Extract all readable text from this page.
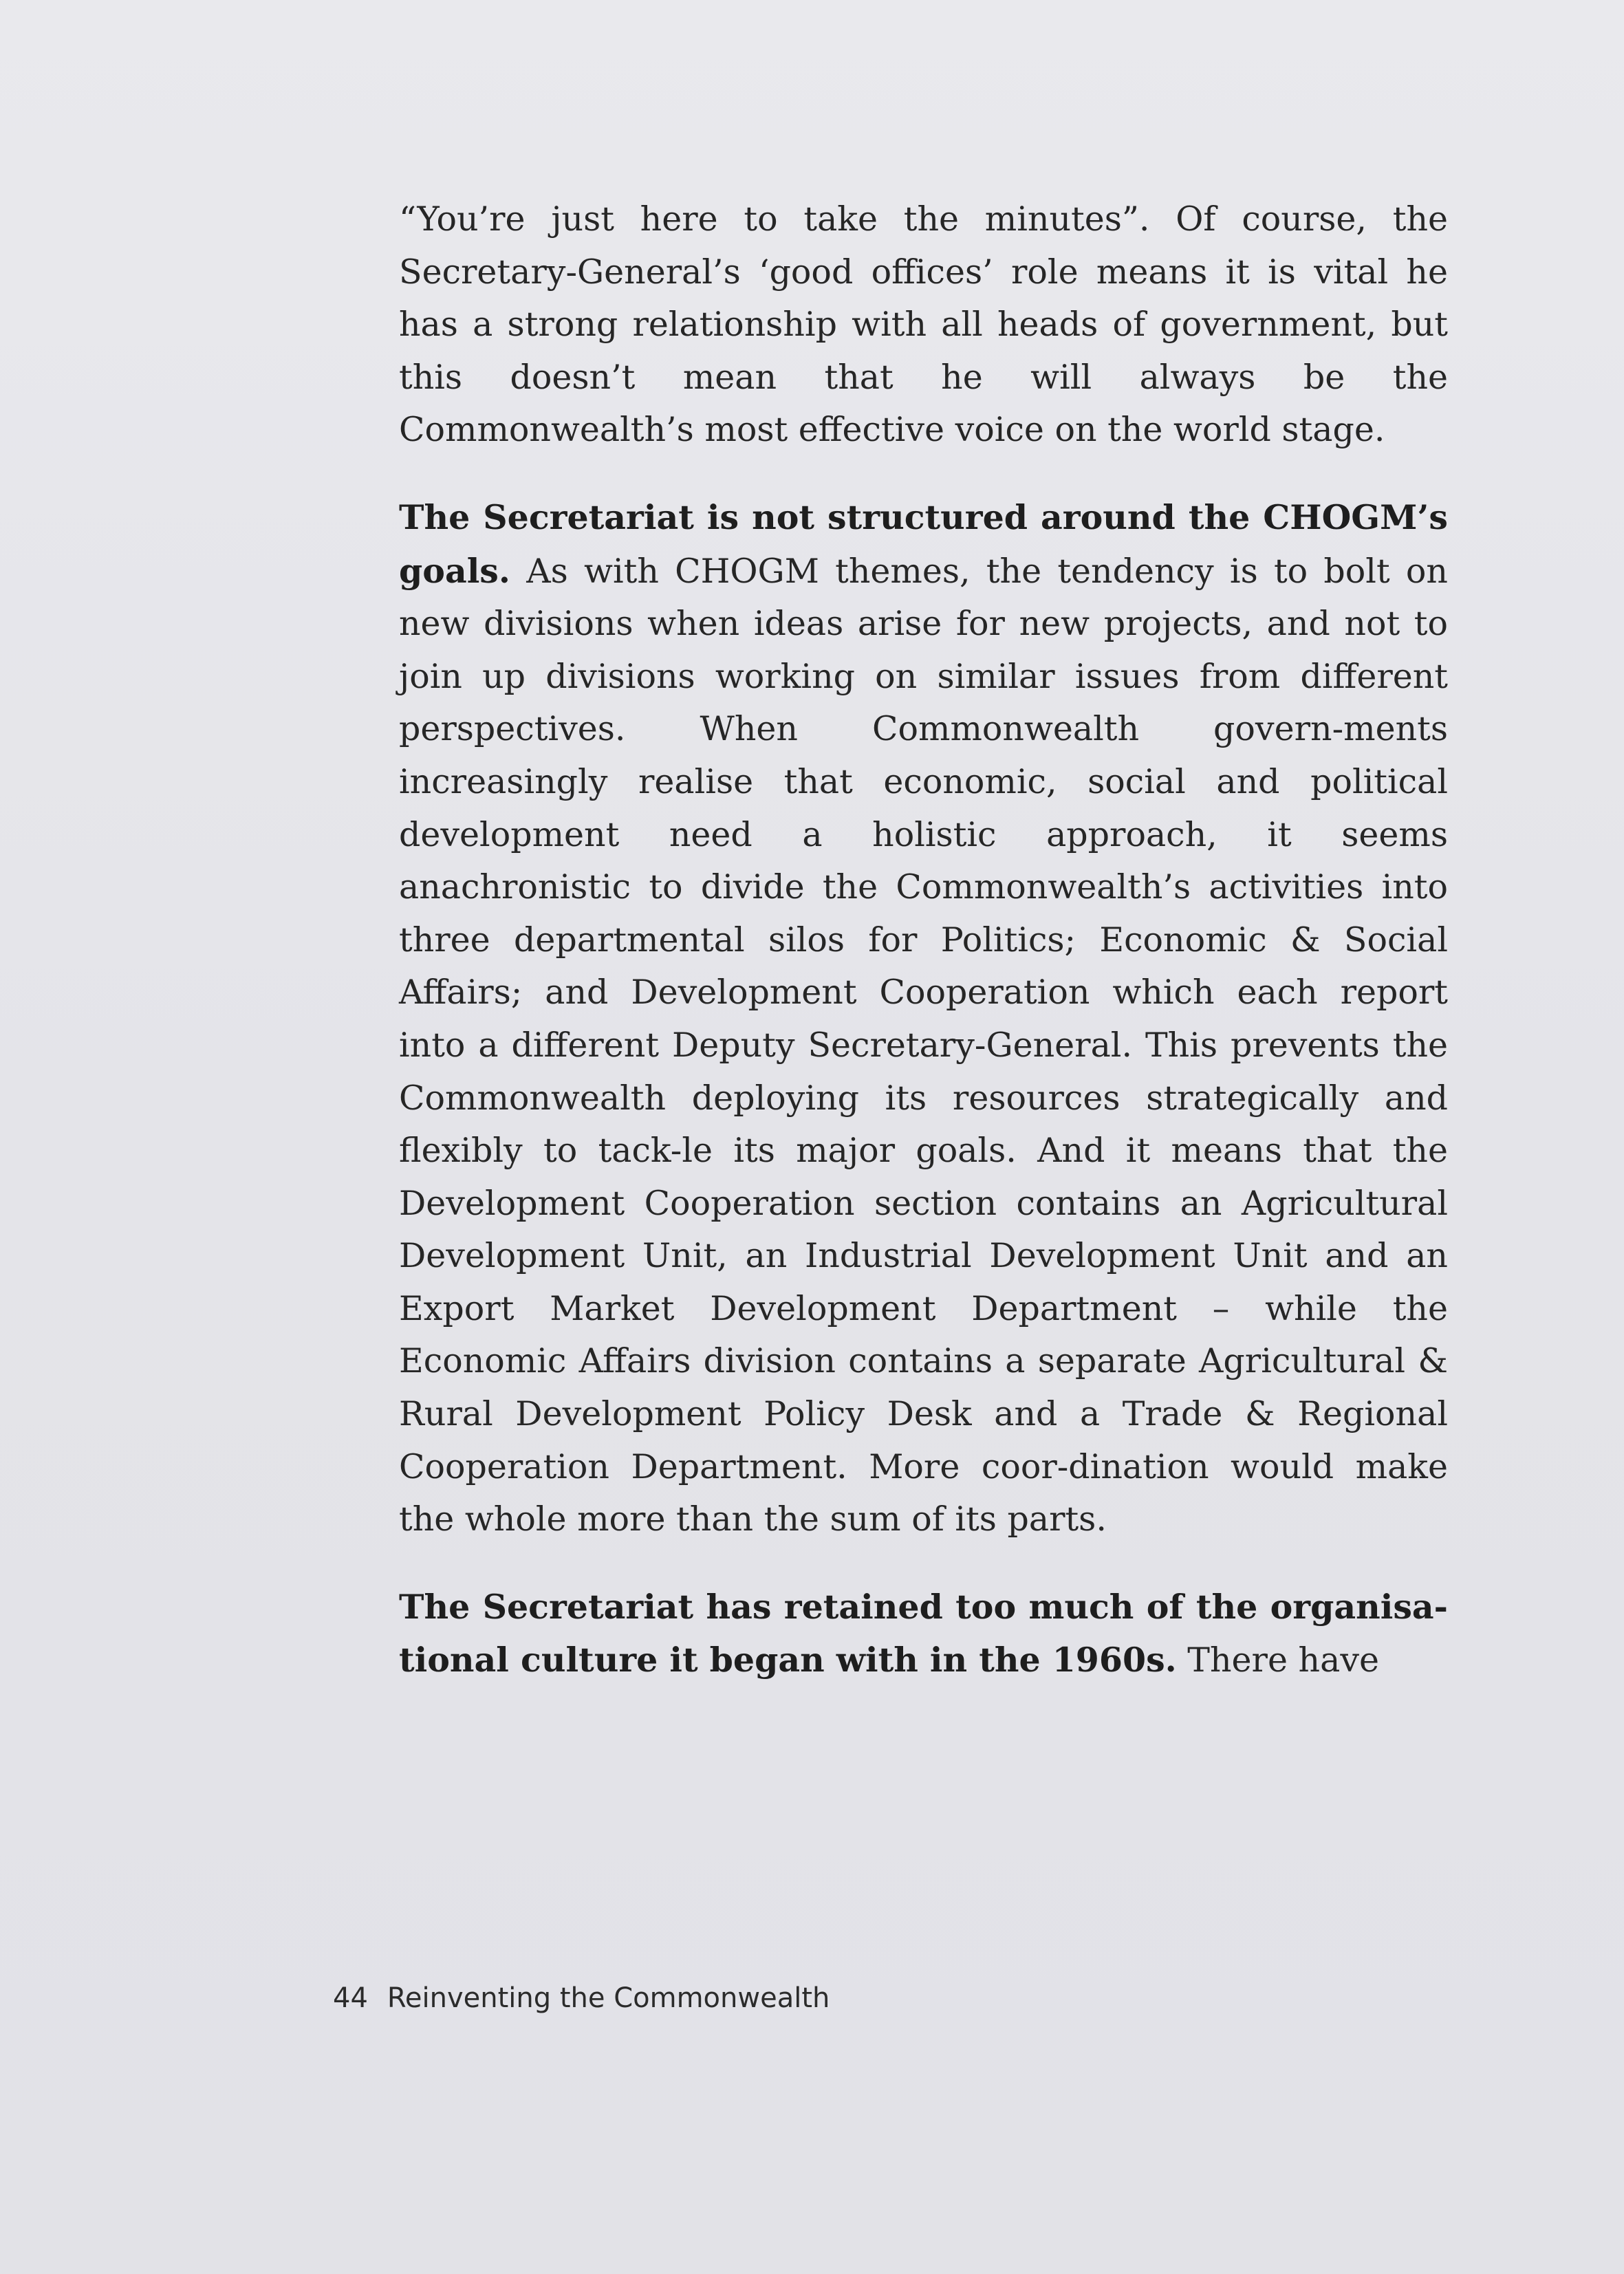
“You’re just here to take the minutes”. Of course, the Secretary-General’s ‘good offices’ role means it is vital he has a strong relationship with all heads of government, but this doesn’t mean that he will always be the Commonwealth’s most effective voice on the world stage.

The Secretariat is not structured around the CHOGM’s goals. As with CHOGM themes, the tendency is to bolt on new divisions when ideas arise for new projects, and not to join up divisions working on similar issues from different perspectives. When Commonwealth govern-ments increasingly realise that economic, social and political development need a holistic approach, it seems anachronistic to divide the Commonwealth’s activities into three departmental silos for Politics; Economic & Social Affairs; and Development Cooperation which each report into a different Deputy Secretary-General. This prevents the Commonwealth deploying its resources strategically and flexibly to tack-le its major goals. And it means that the Development Cooperation section contains an Agricultural Development Unit, an Industrial Development Unit and an Export Market Development Department – while the Economic Affairs division contains a separate Agricultural & Rural Development Policy Desk and a Trade & Regional Cooperation Department. More coor-dination would make the whole more than the sum of its parts.

The Secretariat has retained too much of the organisa-tional culture it began with in the 1960s. There have

44 Reinventing the Commonwealth
